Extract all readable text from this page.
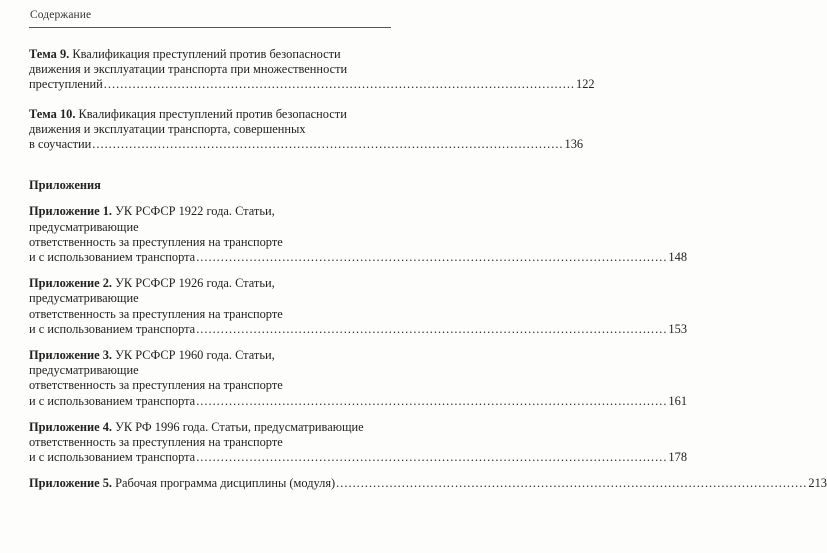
Содержание
Тема 9. Квалификация преступлений против безопасности
движения и эксплуатации транспорта при множественности
преступлений ................................................................................................................... 122
Тема 10. Квалификация преступлений против безопасности
движения и эксплуатации транспорта, совершенных
в соучастии ................................................................................................................... 136
Приложения
Приложение 1. УК РСФСР 1922 года. Статьи, предусматривающие
ответственность за преступления на транспорте
и с использованием транспорта ................................................................................................................... 148
Приложение 2. УК РСФСР 1926 года. Статьи, предусматривающие
ответственность за преступления на транспорте
и с использованием транспорта ................................................................................................................... 153
Приложение 3. УК РСФСР 1960 года. Статьи, предусматривающие
ответственность за преступления на транспорте
и с использованием транспорта ................................................................................................................... 161
Приложение 4. УК РФ 1996 года. Статьи, предусматривающие
ответственность за преступления на транспорте
и с использованием транспорта ................................................................................................................... 178
Приложение 5. Рабочая программа дисциплины (модуля) ................................................................................................................... 213
